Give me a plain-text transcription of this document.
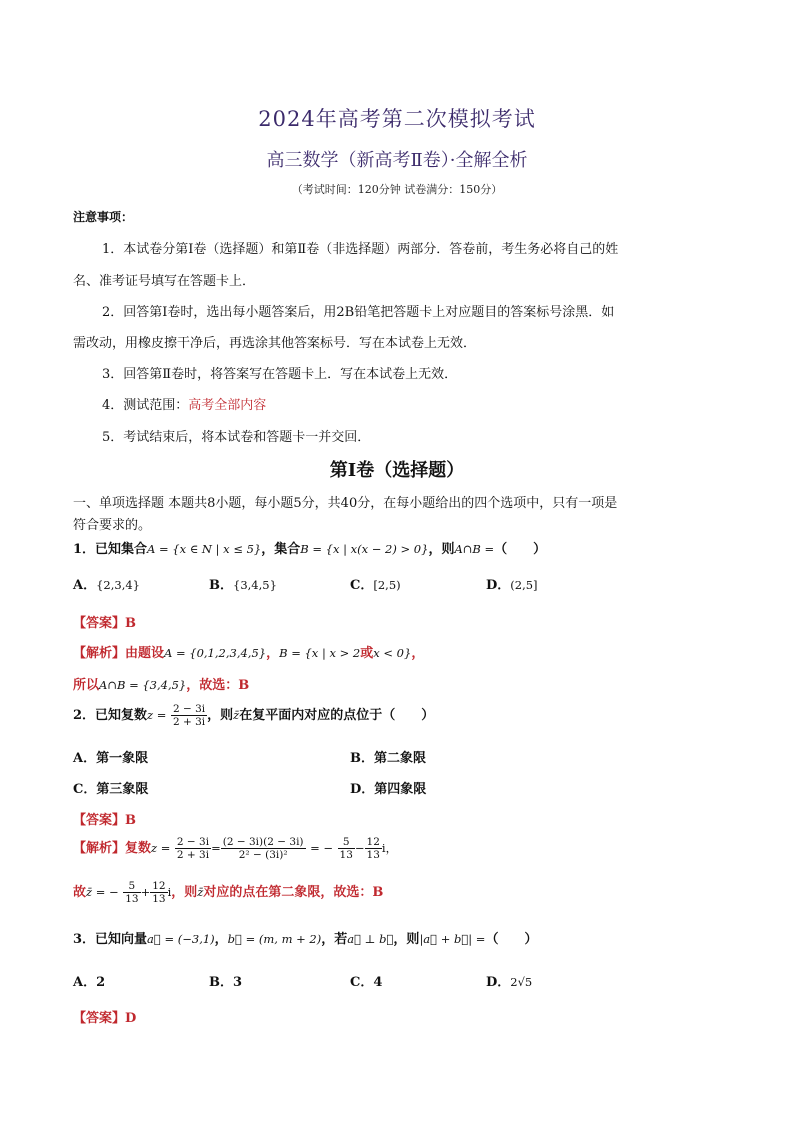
2024年高考第二次模拟考试
高三数学（新高考Ⅱ卷）·全解全析
（考试时间：120分钟 试卷满分：150分）
注意事项：
1．本试卷分第Ⅰ卷（选择题）和第Ⅱ卷（非选择题）两部分．答卷前，考生务必将自己的姓
名、准考证号填写在答题卡上．
2．回答第Ⅰ卷时，选出每小题答案后，用2B铅笔把答题卡上对应题目的答案标号涂黑．如
需改动，用橡皮擦干净后，再选涂其他答案标号．写在本试卷上无效．
3．回答第Ⅱ卷时，将答案写在答题卡上．写在本试卷上无效．
4．测试范围：高考全部内容
5．考试结束后，将本试卷和答题卡一并交回．
第I卷（选择题）
一、单项选择题 本题共8小题，每小题5分，共40分，在每小题给出的四个选项中，只有一项是
符合要求的。
1．已知集合A = {x ∈ N | x ≤ 5}，集合B = {x | x(x − 2) > 0}，则A∩B =（　　）
A．{2,3,4}	B．{3,4,5}	C．[2,5)	D．(2,5]
【答案】B
【解析】由题设A = {0,1,2,3,4,5}，B = {x | x > 2或x < 0}，
所以A∩B = {3,4,5}，故选：B
2．已知复数$z = \frac{2 - 3i}{2 + 3i}$ ，则z̄在复平面内对应的点位于（　　）
A．第一象限	B．第二象限
C．第三象限	D．第四象限
【答案】B
【解析】复数$z = \frac{2 - 3i}{2 + 3i} = \frac{(2 - 3i)(2 - 3i)}{\text{2² − (3i)²}}$ = − $\frac{5}{13} - \frac{12}{13}$ i，
故z̄ = − $\frac{5}{13} + \frac{12}{13}$ i，则z̄对应的点在第二象限，故选：B
3．已知向量a⃗ = (−3,1)，b⃗ = (m, m + 2)，若a⃗ ⊥ b⃗，则|a⃗ + b⃗| =（　　）
A．2	B．3	C．4	D．2√5
【答案】D
